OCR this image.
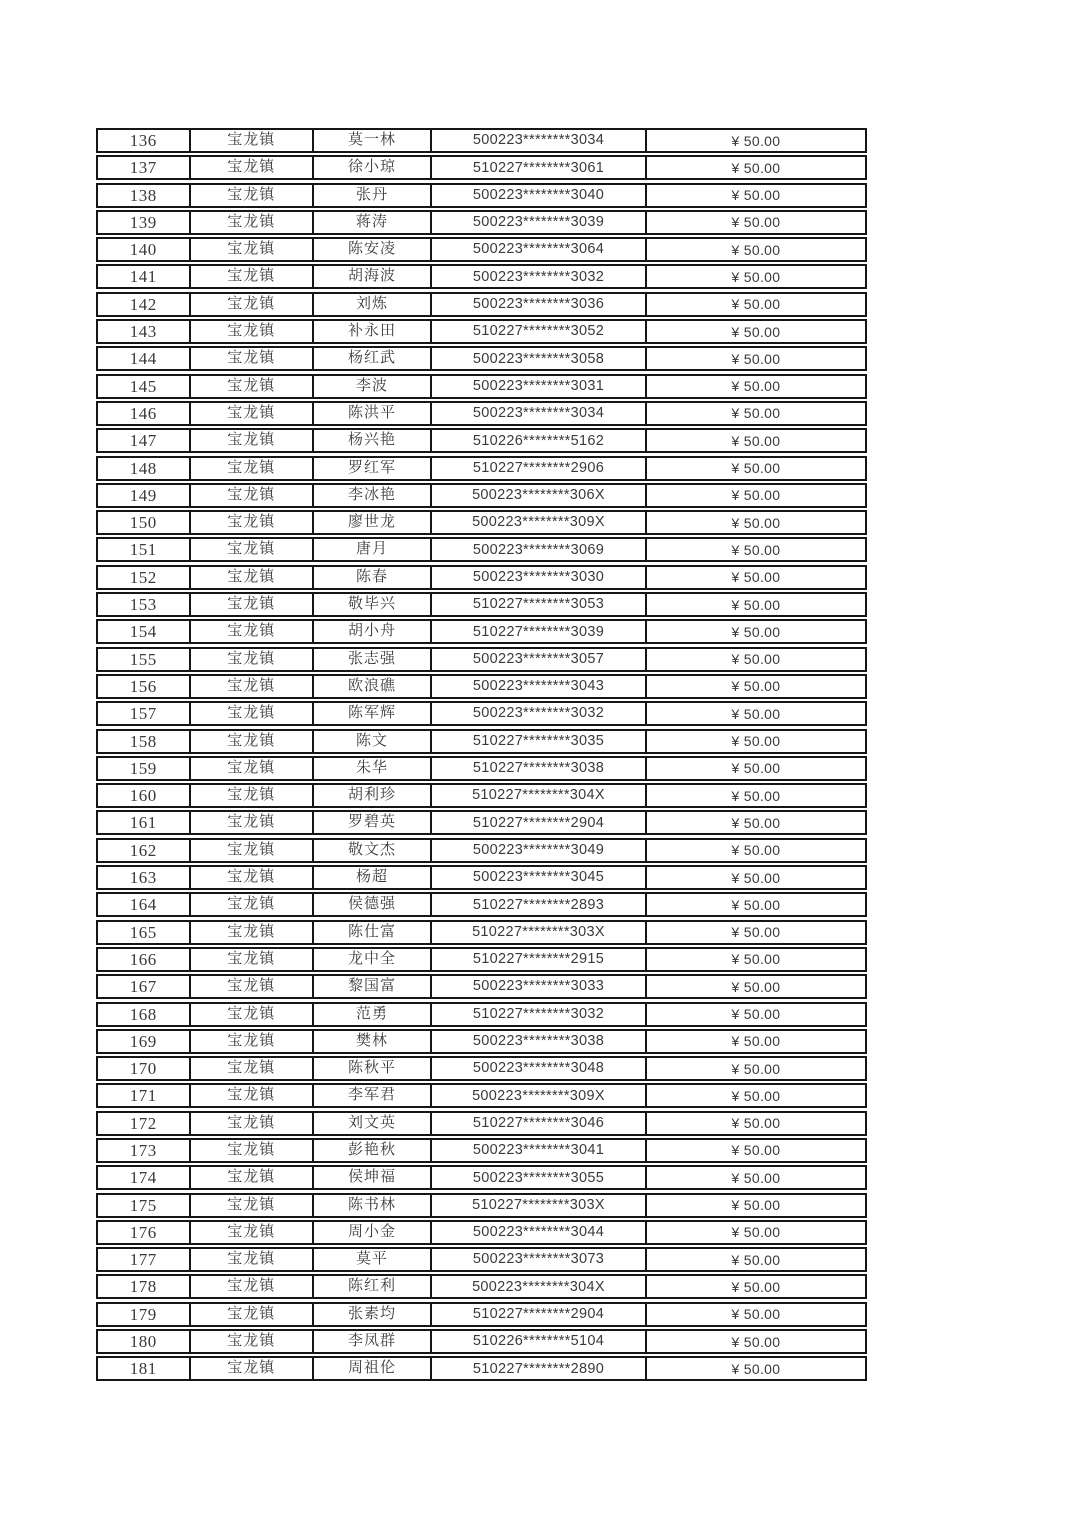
136	宝龙镇	莫一林	500223********3034	¥ 50.00
137	宝龙镇	徐小琼	510227********3061	¥ 50.00
138	宝龙镇	张丹	500223********3040	¥ 50.00
139	宝龙镇	蒋涛	500223********3039	¥ 50.00
140	宝龙镇	陈安凌	500223********3064	¥ 50.00
141	宝龙镇	胡海波	500223********3032	¥ 50.00
142	宝龙镇	刘炼	500223********3036	¥ 50.00
143	宝龙镇	补永田	510227********3052	¥ 50.00
144	宝龙镇	杨红武	500223********3058	¥ 50.00
145	宝龙镇	李波	500223********3031	¥ 50.00
146	宝龙镇	陈洪平	500223********3034	¥ 50.00
147	宝龙镇	杨兴艳	510226********5162	¥ 50.00
148	宝龙镇	罗红军	510227********2906	¥ 50.00
149	宝龙镇	李冰艳	500223********306X	¥ 50.00
150	宝龙镇	廖世龙	500223********309X	¥ 50.00
151	宝龙镇	唐月	500223********3069	¥ 50.00
152	宝龙镇	陈春	500223********3030	¥ 50.00
153	宝龙镇	敬毕兴	510227********3053	¥ 50.00
154	宝龙镇	胡小舟	510227********3039	¥ 50.00
155	宝龙镇	张志强	500223********3057	¥ 50.00
156	宝龙镇	欧浪礁	500223********3043	¥ 50.00
157	宝龙镇	陈军辉	500223********3032	¥ 50.00
158	宝龙镇	陈文	510227********3035	¥ 50.00
159	宝龙镇	朱华	510227********3038	¥ 50.00
160	宝龙镇	胡利珍	510227********304X	¥ 50.00
161	宝龙镇	罗碧英	510227********2904	¥ 50.00
162	宝龙镇	敬文杰	500223********3049	¥ 50.00
163	宝龙镇	杨超	500223********3045	¥ 50.00
164	宝龙镇	侯德强	510227********2893	¥ 50.00
165	宝龙镇	陈仕富	510227********303X	¥ 50.00
166	宝龙镇	龙中全	510227********2915	¥ 50.00
167	宝龙镇	黎国富	500223********3033	¥ 50.00
168	宝龙镇	范勇	510227********3032	¥ 50.00
169	宝龙镇	樊林	500223********3038	¥ 50.00
170	宝龙镇	陈秋平	500223********3048	¥ 50.00
171	宝龙镇	李军君	500223********309X	¥ 50.00
172	宝龙镇	刘文英	510227********3046	¥ 50.00
173	宝龙镇	彭艳秋	500223********3041	¥ 50.00
174	宝龙镇	侯坤福	500223********3055	¥ 50.00
175	宝龙镇	陈书林	510227********303X	¥ 50.00
176	宝龙镇	周小金	500223********3044	¥ 50.00
177	宝龙镇	莫平	500223********3073	¥ 50.00
178	宝龙镇	陈红利	500223********304X	¥ 50.00
179	宝龙镇	张素均	510227********2904	¥ 50.00
180	宝龙镇	李凤群	510226********5104	¥ 50.00
181	宝龙镇	周祖伦	510227********2890	¥ 50.00
